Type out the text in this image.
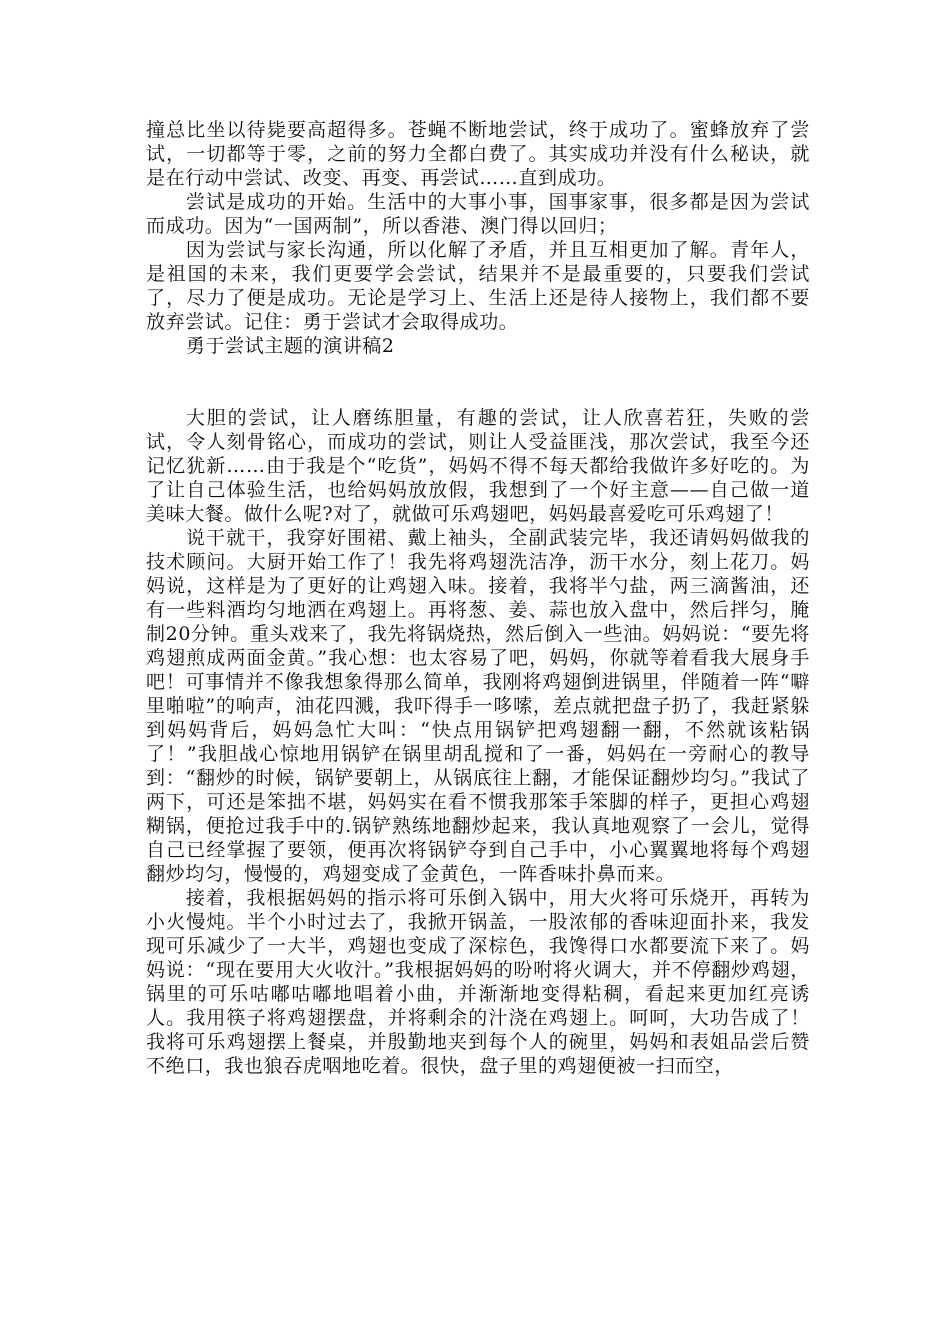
撞总比坐以待毙要高超得多。苍蝇不断地尝试，终于成功了。蜜蜂放弃了尝试，一切都等于零，之前的努力全都白费了。其实成功并没有什么秘诀，就是在行动中尝试、改变、再变、再尝试……直到成功。

尝试是成功的开始。生活中的大事小事，国事家事，很多都是因为尝试而成功。因为“一国两制”，所以香港、澳门得以回归；

因为尝试与家长沟通，所以化解了矛盾，并且互相更加了解。青年人，是祖国的未来，我们更要学会尝试，结果并不是最重要的，只要我们尝试了，尽力了便是成功。无论是学习上、生活上还是待人接物上，我们都不要放弃尝试。记住：勇于尝试才会取得成功。

勇于尝试主题的演讲稿2

大胆的尝试，让人磨练胆量，有趣的尝试，让人欣喜若狂，失败的尝试，令人刻骨铭心，而成功的尝试，则让人受益匪浅，那次尝试，我至今还记忆犹新……由于我是个“吃货”，妈妈不得不每天都给我做许多好吃的。为了让自己体验生活，也给妈妈放放假，我想到了一个好主意——自己做一道美味大餐。做什么呢?对了，就做可乐鸡翅吧，妈妈最喜爱吃可乐鸡翅了！

说干就干，我穿好围裙、戴上袖头，全副武装完毕，我还请妈妈做我的技术顾问。大厨开始工作了！我先将鸡翅洗洁净，沥干水分，刻上花刀。妈妈说，这样是为了更好的让鸡翅入味。接着，我将半勺盐，两三滴酱油，还有一些料酒均匀地洒在鸡翅上。再将葱、姜、蒜也放入盘中，然后拌匀，腌制20分钟。重头戏来了，我先将锅烧热，然后倒入一些油。妈妈说：“要先将鸡翅煎成两面金黄。”我心想：也太容易了吧，妈妈，你就等着看我大展身手吧！可事情并不像我想象得那么简单，我刚将鸡翅倒进锅里，伴随着一阵“噼里啪啦”的响声，油花四溅，我吓得手一哆嗦，差点就把盘子扔了，我赶紧躲到妈妈背后，妈妈急忙大叫：“快点用锅铲把鸡翅翻一翻，不然就该粘锅了！”我胆战心惊地用锅铲在锅里胡乱搅和了一番，妈妈在一旁耐心的教导到：“翻炒的时候，锅铲要朝上，从锅底往上翻，才能保证翻炒均匀。”我试了两下，可还是笨拙不堪，妈妈实在看不惯我那笨手笨脚的样子，更担心鸡翅糊锅，便抢过我手中的.锅铲熟练地翻炒起来，我认真地观察了一会儿，觉得自己已经掌握了要领，便再次将锅铲夺到自己手中，小心翼翼地将每个鸡翅翻炒均匀，慢慢的，鸡翅变成了金黄色，一阵香味扑鼻而来。

接着，我根据妈妈的指示将可乐倒入锅中，用大火将可乐烧开，再转为小火慢炖。半个小时过去了，我掀开锅盖，一股浓郁的香味迎面扑来，我发现可乐减少了一大半，鸡翅也变成了深棕色，我馋得口水都要流下来了。妈妈说：“现在要用大火收汁。”我根据妈妈的吩咐将火调大，并不停翻炒鸡翅，锅里的可乐咕嘟咕嘟地唱着小曲，并渐渐地变得粘稠，看起来更加红亮诱人。我用筷子将鸡翅摆盘，并将剩余的汁浇在鸡翅上。呵呵，大功告成了！我将可乐鸡翅摆上餐桌，并殷勤地夹到每个人的碗里，妈妈和表姐品尝后赞不绝口，我也狼吞虎咽地吃着。很快，盘子里的鸡翅便被一扫而空，
